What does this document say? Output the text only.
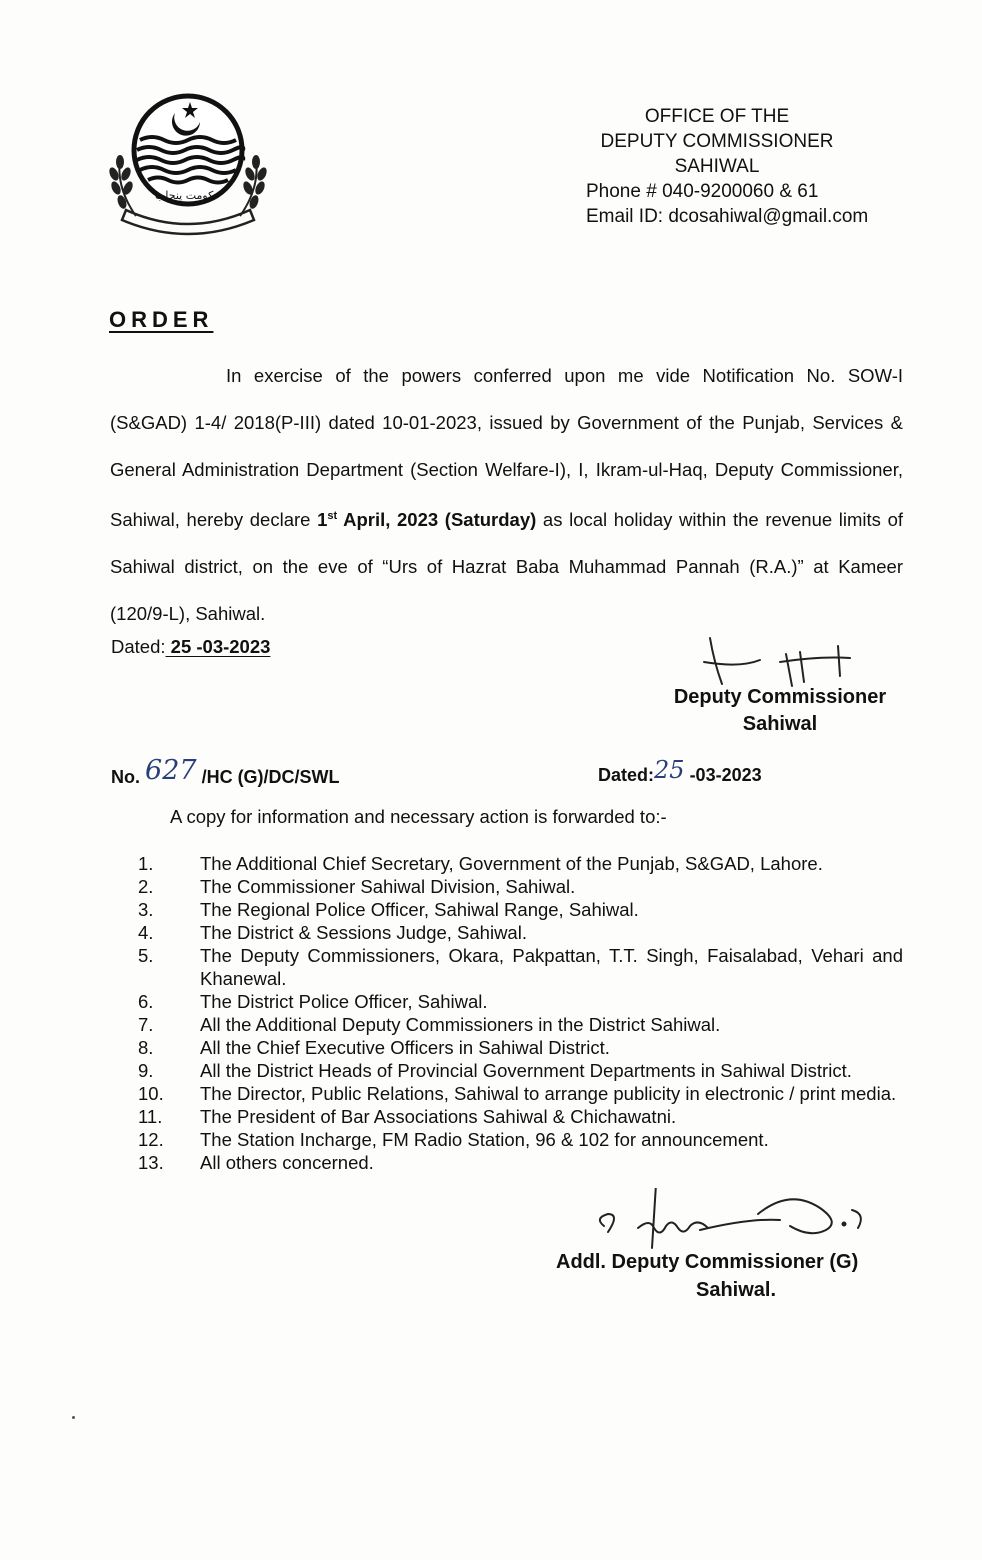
حکومت پنجاب
OFFICE OF THE
DEPUTY COMMISSIONER
SAHIWAL
Phone # 040-9200060 & 61
Email ID: dcosahiwal@gmail.com
ORDER
In exercise of the powers conferred upon me vide Notification No. SOW-I (S&GAD) 1-4/ 2018(P-III) dated 10-01-2023, issued by Government of the Punjab, Services & General Administration Department (Section Welfare-I), I, Ikram-ul-Haq, Deputy Commissioner, Sahiwal, hereby declare 1st April, 2023 (Saturday) as local holiday within the revenue limits of Sahiwal district, on the eve of “Urs of Hazrat Baba Muhammad Pannah (R.A.)” at Kameer (120/9-L), Sahiwal.
Dated: 25 -03-2023
Deputy Commissioner
Sahiwal
No. 627 /HC (G)/DC/SWL	Dated:25 -03-2023
A copy for information and necessary action is forwarded to:-
1.	The Additional Chief Secretary, Government of the Punjab, S&GAD, Lahore.
2.	The Commissioner Sahiwal Division, Sahiwal.
3.	The Regional Police Officer, Sahiwal Range, Sahiwal.
4.	The District & Sessions Judge, Sahiwal.
5.	The Deputy Commissioners, Okara, Pakpattan, T.T. Singh, Faisalabad, Vehari and Khanewal.
6.	The District Police Officer, Sahiwal.
7.	All the Additional Deputy Commissioners in the District Sahiwal.
8.	All the Chief Executive Officers in Sahiwal District.
9.	All the District Heads of Provincial Government Departments in Sahiwal District.
10.	The Director, Public Relations, Sahiwal to arrange publicity in electronic / print media.
11.	The President of Bar Associations Sahiwal & Chichawatni.
12.	The Station Incharge, FM Radio Station, 96 & 102 for announcement.
13.	All others concerned.
Addl. Deputy Commissioner (G)
Sahiwal.
